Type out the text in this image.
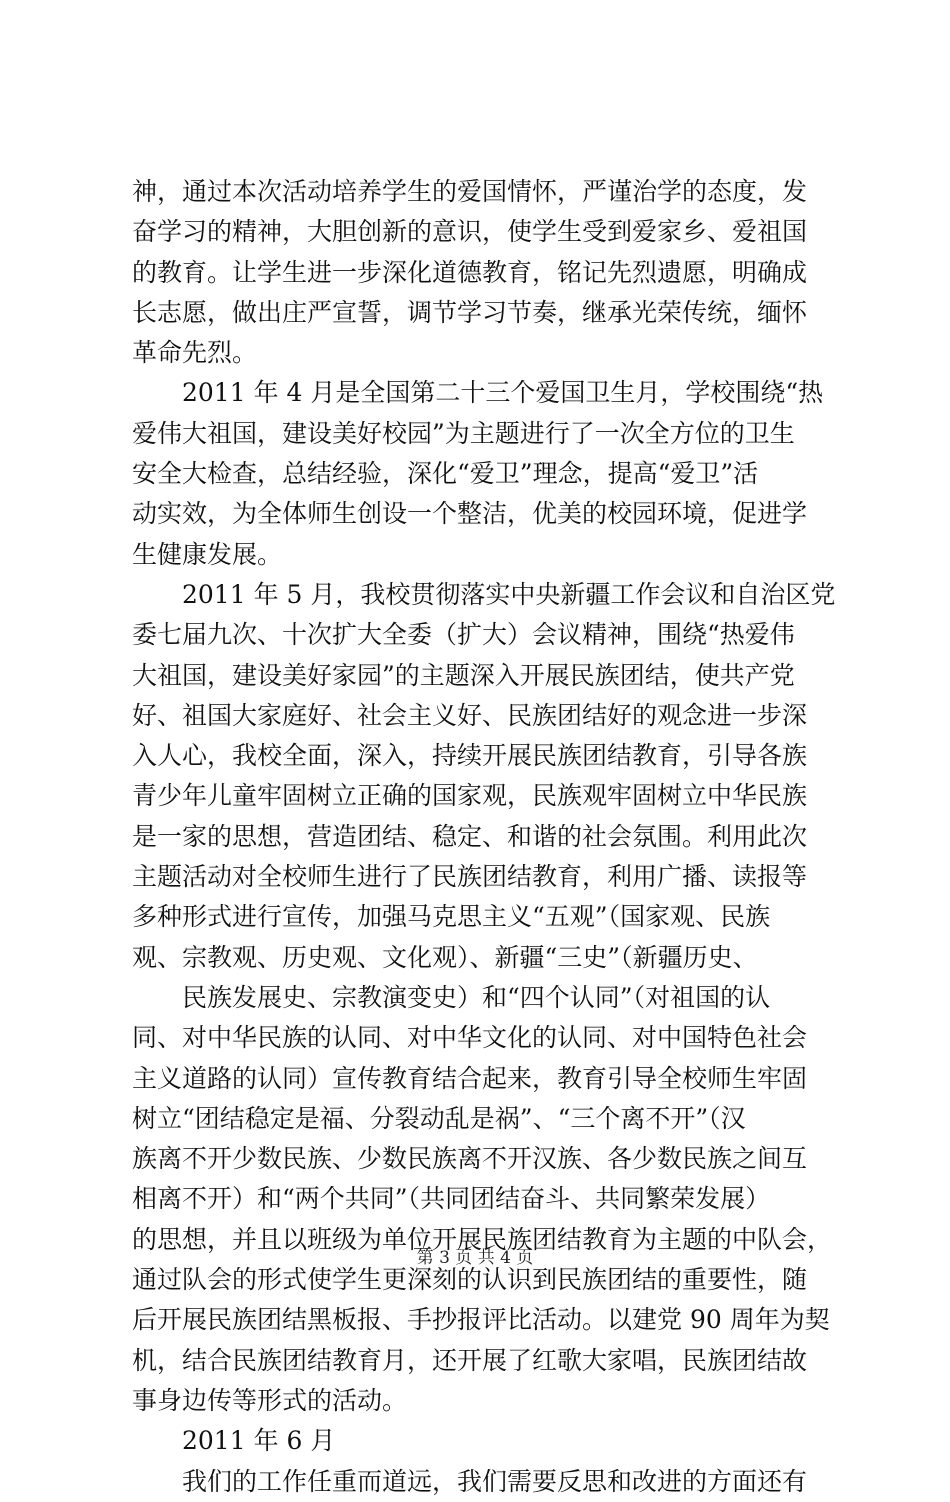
神，通过本次活动培养学生的爱国情怀，严谨治学的态度，发
奋学习的精神，大胆创新的意识，使学生受到爱家乡、爱祖国
的教育。让学生进一步深化道德教育，铭记先烈遗愿，明确成
长志愿，做出庄严宣誓，调节学习节奏，继承光荣传统，缅怀
革命先烈。
2011 年 4 月是全国第二十三个爱国卫生月，学校围绕“热
爱伟大祖国，建设美好校园”为主题进行了一次全方位的卫生
安全大检查，总结经验，深化“爱卫”理念，提高“爱卫”活
动实效，为全体师生创设一个整洁，优美的校园环境，促进学
生健康发展。
2011 年 5 月，我校贯彻落实中央新疆工作会议和自治区党
委七届九次、十次扩大全委（扩大）会议精神，围绕“热爱伟
大祖国，建设美好家园”的主题深入开展民族团结，使共产党
好、祖国大家庭好、社会主义好、民族团结好的观念进一步深
入人心，我校全面，深入，持续开展民族团结教育，引导各族
青少年儿童牢固树立正确的国家观，民族观牢固树立中华民族
是一家的思想，营造团结、稳定、和谐的社会氛围。利用此次
主题活动对全校师生进行了民族团结教育，利用广播、读报等
多种形式进行宣传，加强马克思主义“五观”（国家观、民族
观、宗教观、历史观、文化观）、新疆“三史”（新疆历史、
民族发展史、宗教演变史）和“四个认同”（对祖国的认
同、对中华民族的认同、对中华文化的认同、对中国特色社会
主义道路的认同）宣传教育结合起来，教育引导全校师生牢固
树立“团结稳定是福、分裂动乱是祸”、“三个离不开”（汉
族离不开少数民族、少数民族离不开汉族、各少数民族之间互
相离不开）和“两个共同”（共同团结奋斗、共同繁荣发展）
的思想，并且以班级为单位开展民族团结教育为主题的中队会，
通过队会的形式使学生更深刻的认识到民族团结的重要性，随
后开展民族团结黑板报、手抄报评比活动。以建党 90 周年为契
机，结合民族团结教育月，还开展了红歌大家唱，民族团结故
事身边传等形式的活动。
2011 年 6 月
我们的工作任重而道远，我们需要反思和改进的方面还有
第 3 页 共 4 页
